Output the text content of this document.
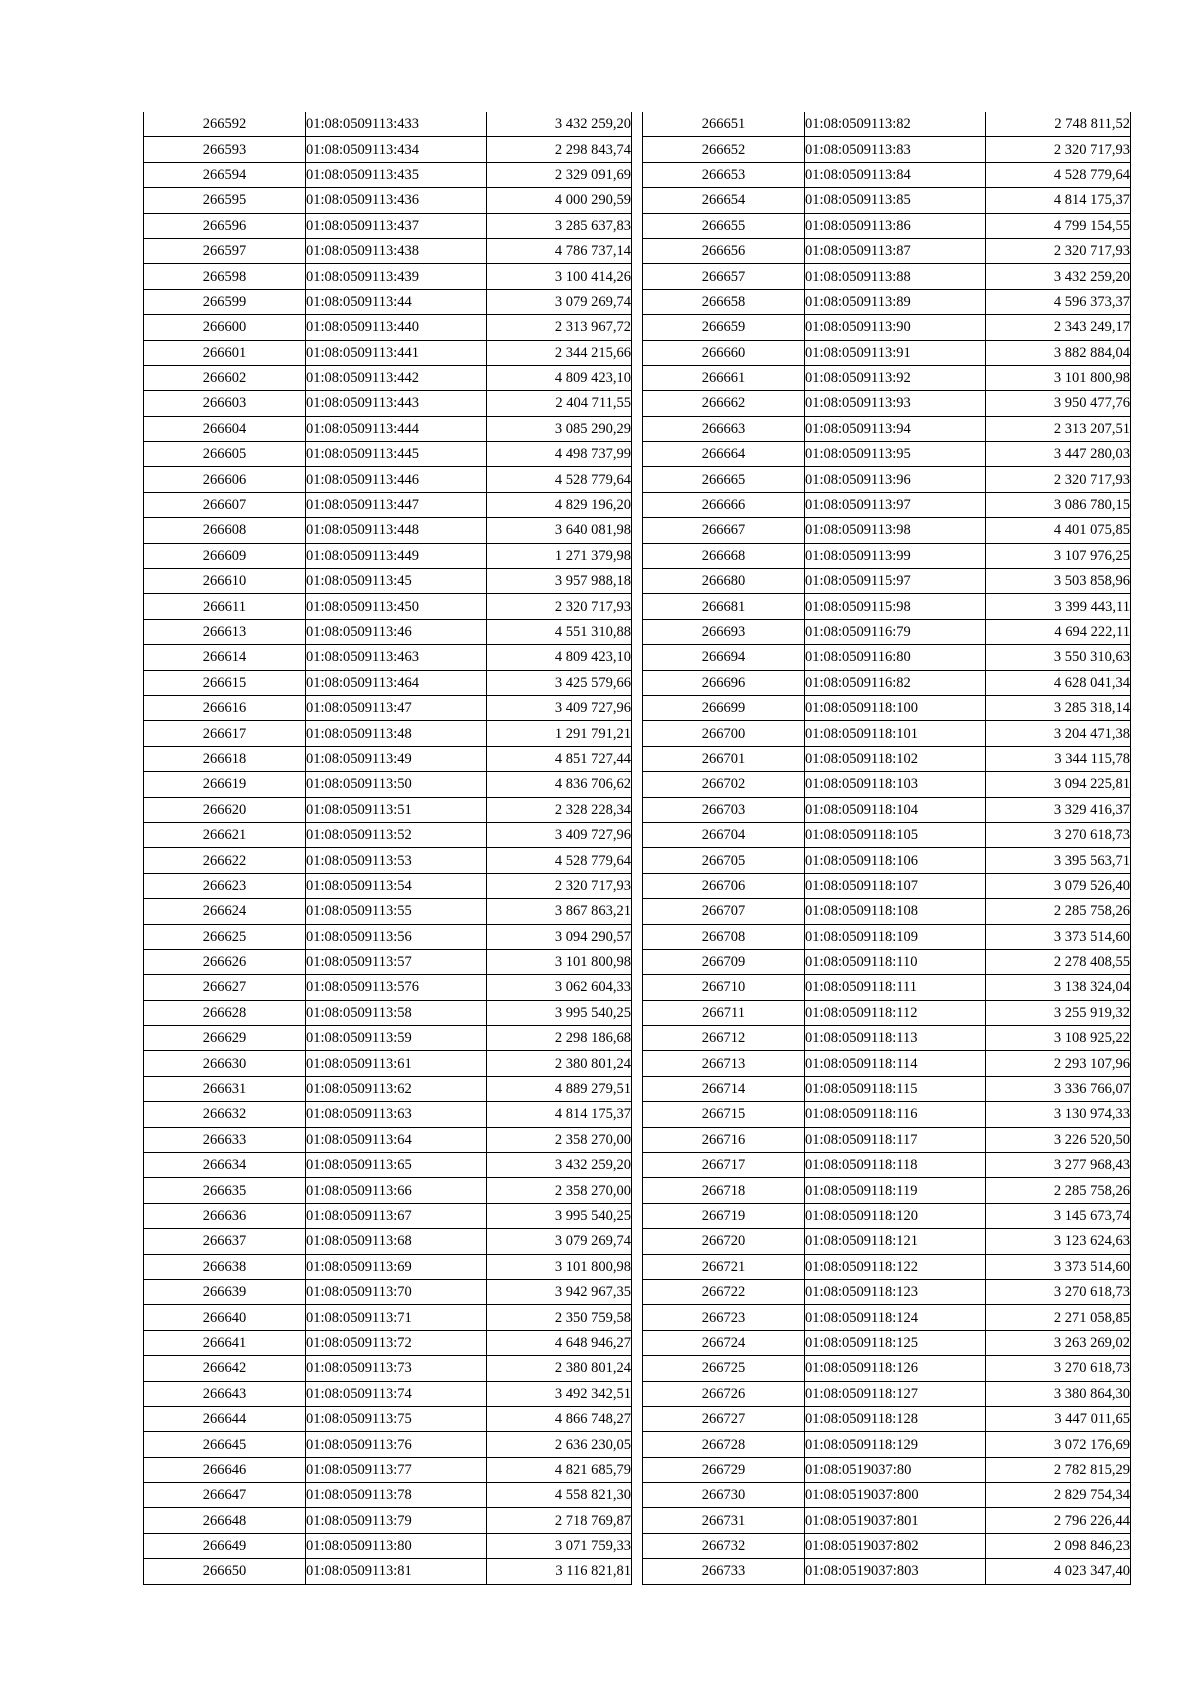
266592	01:08:0509113:433	3 432 259,20
266593	01:08:0509113:434	2 298 843,74
266594	01:08:0509113:435	2 329 091,69
266595	01:08:0509113:436	4 000 290,59
266596	01:08:0509113:437	3 285 637,83
266597	01:08:0509113:438	4 786 737,14
266598	01:08:0509113:439	3 100 414,26
266599	01:08:0509113:44	3 079 269,74
266600	01:08:0509113:440	2 313 967,72
266601	01:08:0509113:441	2 344 215,66
266602	01:08:0509113:442	4 809 423,10
266603	01:08:0509113:443	2 404 711,55
266604	01:08:0509113:444	3 085 290,29
266605	01:08:0509113:445	4 498 737,99
266606	01:08:0509113:446	4 528 779,64
266607	01:08:0509113:447	4 829 196,20
266608	01:08:0509113:448	3 640 081,98
266609	01:08:0509113:449	1 271 379,98
266610	01:08:0509113:45	3 957 988,18
266611	01:08:0509113:450	2 320 717,93
266613	01:08:0509113:46	4 551 310,88
266614	01:08:0509113:463	4 809 423,10
266615	01:08:0509113:464	3 425 579,66
266616	01:08:0509113:47	3 409 727,96
266617	01:08:0509113:48	1 291 791,21
266618	01:08:0509113:49	4 851 727,44
266619	01:08:0509113:50	4 836 706,62
266620	01:08:0509113:51	2 328 228,34
266621	01:08:0509113:52	3 409 727,96
266622	01:08:0509113:53	4 528 779,64
266623	01:08:0509113:54	2 320 717,93
266624	01:08:0509113:55	3 867 863,21
266625	01:08:0509113:56	3 094 290,57
266626	01:08:0509113:57	3 101 800,98
266627	01:08:0509113:576	3 062 604,33
266628	01:08:0509113:58	3 995 540,25
266629	01:08:0509113:59	2 298 186,68
266630	01:08:0509113:61	2 380 801,24
266631	01:08:0509113:62	4 889 279,51
266632	01:08:0509113:63	4 814 175,37
266633	01:08:0509113:64	2 358 270,00
266634	01:08:0509113:65	3 432 259,20
266635	01:08:0509113:66	2 358 270,00
266636	01:08:0509113:67	3 995 540,25
266637	01:08:0509113:68	3 079 269,74
266638	01:08:0509113:69	3 101 800,98
266639	01:08:0509113:70	3 942 967,35
266640	01:08:0509113:71	2 350 759,58
266641	01:08:0509113:72	4 648 946,27
266642	01:08:0509113:73	2 380 801,24
266643	01:08:0509113:74	3 492 342,51
266644	01:08:0509113:75	4 866 748,27
266645	01:08:0509113:76	2 636 230,05
266646	01:08:0509113:77	4 821 685,79
266647	01:08:0509113:78	4 558 821,30
266648	01:08:0509113:79	2 718 769,87
266649	01:08:0509113:80	3 071 759,33
266650	01:08:0509113:81	3 116 821,81
266651	01:08:0509113:82	2 748 811,52
266652	01:08:0509113:83	2 320 717,93
266653	01:08:0509113:84	4 528 779,64
266654	01:08:0509113:85	4 814 175,37
266655	01:08:0509113:86	4 799 154,55
266656	01:08:0509113:87	2 320 717,93
266657	01:08:0509113:88	3 432 259,20
266658	01:08:0509113:89	4 596 373,37
266659	01:08:0509113:90	2 343 249,17
266660	01:08:0509113:91	3 882 884,04
266661	01:08:0509113:92	3 101 800,98
266662	01:08:0509113:93	3 950 477,76
266663	01:08:0509113:94	2 313 207,51
266664	01:08:0509113:95	3 447 280,03
266665	01:08:0509113:96	2 320 717,93
266666	01:08:0509113:97	3 086 780,15
266667	01:08:0509113:98	4 401 075,85
266668	01:08:0509113:99	3 107 976,25
266680	01:08:0509115:97	3 503 858,96
266681	01:08:0509115:98	3 399 443,11
266693	01:08:0509116:79	4 694 222,11
266694	01:08:0509116:80	3 550 310,63
266696	01:08:0509116:82	4 628 041,34
266699	01:08:0509118:100	3 285 318,14
266700	01:08:0509118:101	3 204 471,38
266701	01:08:0509118:102	3 344 115,78
266702	01:08:0509118:103	3 094 225,81
266703	01:08:0509118:104	3 329 416,37
266704	01:08:0509118:105	3 270 618,73
266705	01:08:0509118:106	3 395 563,71
266706	01:08:0509118:107	3 079 526,40
266707	01:08:0509118:108	2 285 758,26
266708	01:08:0509118:109	3 373 514,60
266709	01:08:0509118:110	2 278 408,55
266710	01:08:0509118:111	3 138 324,04
266711	01:08:0509118:112	3 255 919,32
266712	01:08:0509118:113	3 108 925,22
266713	01:08:0509118:114	2 293 107,96
266714	01:08:0509118:115	3 336 766,07
266715	01:08:0509118:116	3 130 974,33
266716	01:08:0509118:117	3 226 520,50
266717	01:08:0509118:118	3 277 968,43
266718	01:08:0509118:119	2 285 758,26
266719	01:08:0509118:120	3 145 673,74
266720	01:08:0509118:121	3 123 624,63
266721	01:08:0509118:122	3 373 514,60
266722	01:08:0509118:123	3 270 618,73
266723	01:08:0509118:124	2 271 058,85
266724	01:08:0509118:125	3 263 269,02
266725	01:08:0509118:126	3 270 618,73
266726	01:08:0509118:127	3 380 864,30
266727	01:08:0509118:128	3 447 011,65
266728	01:08:0509118:129	3 072 176,69
266729	01:08:0519037:80	2 782 815,29
266730	01:08:0519037:800	2 829 754,34
266731	01:08:0519037:801	2 796 226,44
266732	01:08:0519037:802	2 098 846,23
266733	01:08:0519037:803	4 023 347,40
